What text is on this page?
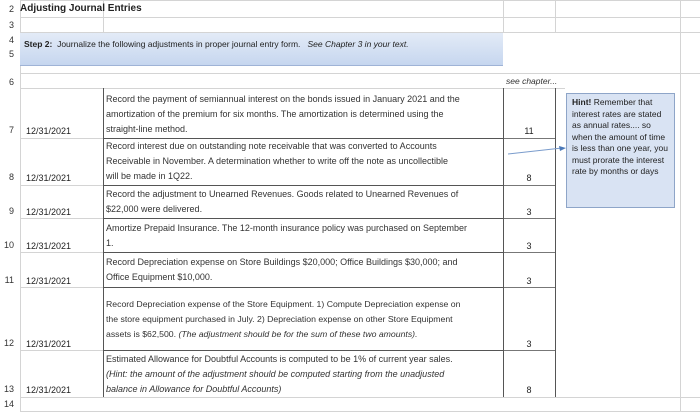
2
3
4
5
6
7
8
9
10
11
12
13
14
Adjusting Journal Entries
Step 2: Journalize the following adjustments in proper journal entry form. See Chapter 3 in your text.
see chapter...
Record the payment of semiannual interest on the bonds issued in January 2021 and the
amortization of the premium for six months. The amortization is determined using the
straight-line method.
12/31/2021	11
Record interest due on outstanding note receivable that was converted to Accounts
Receivable in November. A determination whether to write off the note as uncollectible
will be made in 1Q22.
12/31/2021	8
Record the adjustment to Unearned Revenues. Goods related to Unearned Revenues of
$22,000 were delivered.
12/31/2021	3
Amortize Prepaid Insurance. The 12-month insurance policy was purchased on September
1.
12/31/2021	3
Record Depreciation expense on Store Buildings $20,000; Office Buildings $30,000; and
Office Equipment $10,000.
12/31/2021	3
Record Depreciation expense of the Store Equipment. 1) Compute Depreciation expense on
the store equipment purchased in July. 2) Depreciation expense on other Store Equipment
assets is $62,500. (The adjustment should be for the sum of these two amounts).
12/31/2021	3
Estimated Allowance for Doubtful Accounts is computed to be 1% of current year sales.
(Hint: the amount of the adjustment should be computed starting from the unadjusted
balance in Allowance for Doubtful Accounts)
12/31/2021	8
Hint! Remember that interest rates are stated as annual rates.... so when the amount of time is less than one year, you must prorate the interest rate by months or days
